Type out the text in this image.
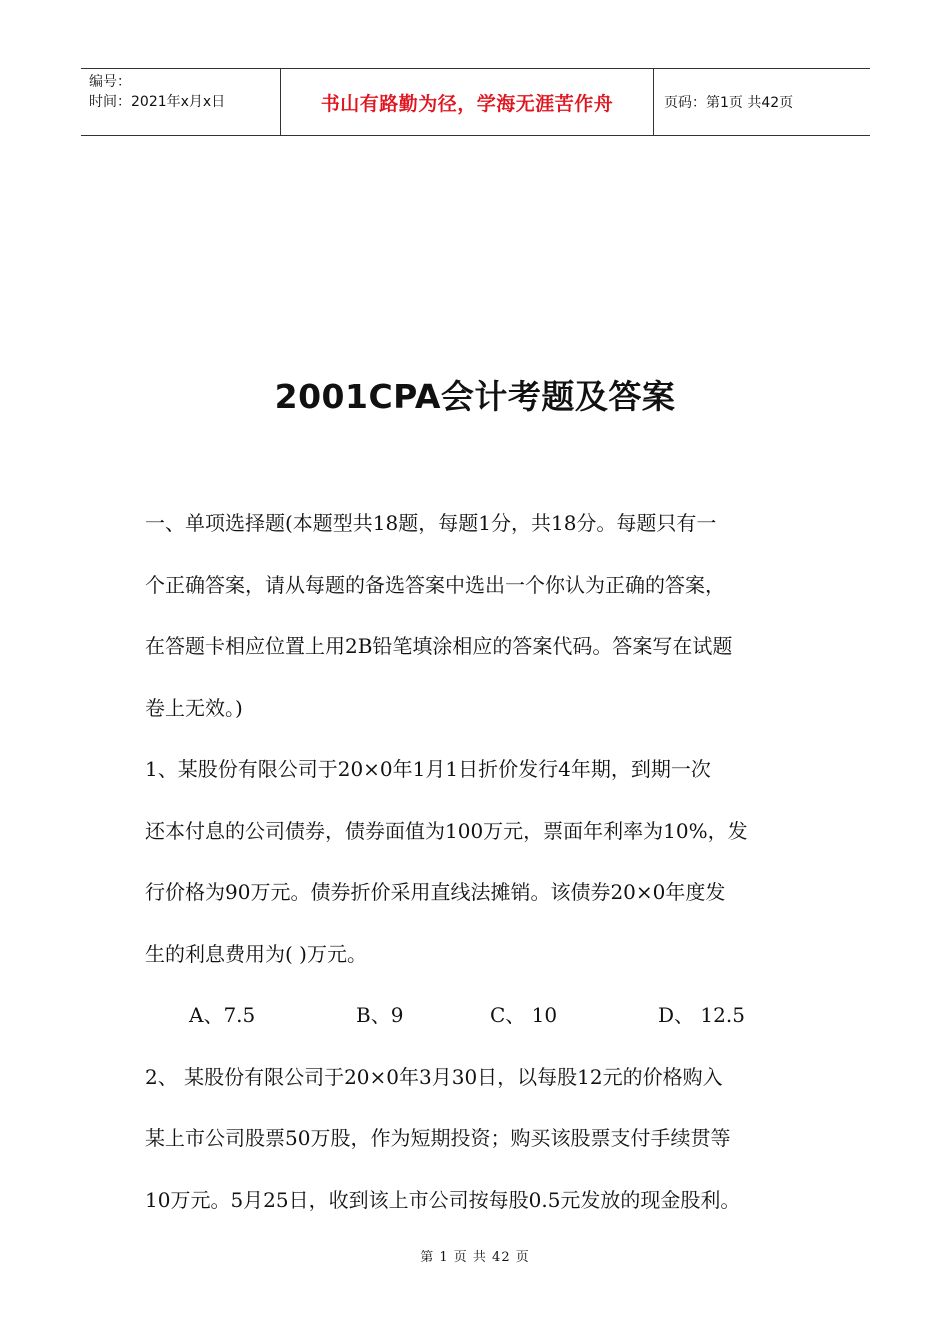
编号：
时间：2021年x月x日	书山有路勤为径，学海无涯苦作舟	页码：第1页 共42页
2001CPA会计考题及答案

一、单项选择题(本题型共18题，每题1分，共18分。每题只有一

个正确答案，请从每题的备选答案中选出一个你认为正确的答案，

在答题卡相应位置上用2B铅笔填涂相应的答案代码。答案写在试题

卷上无效。)

1、某股份有限公司于20×0年1月1日折价发行4年期，到期一次

还本付息的公司债券，债券面值为100万元，票面年利率为10%，发

行价格为90万元。债券折价采用直线法摊销。该债券20×0年度发

生的利息费用为( )万元。

A、7.5	B、9	C、 10	D、 12.5

2、 某股份有限公司于20×0年3月30日，以每股12元的价格购入

某上市公司股票50万股，作为短期投资；购买该股票支付手续贯等

10万元。5月25日，收到该上市公司按每股0.5元发放的现金股利。

第 1 页 共 42 页
